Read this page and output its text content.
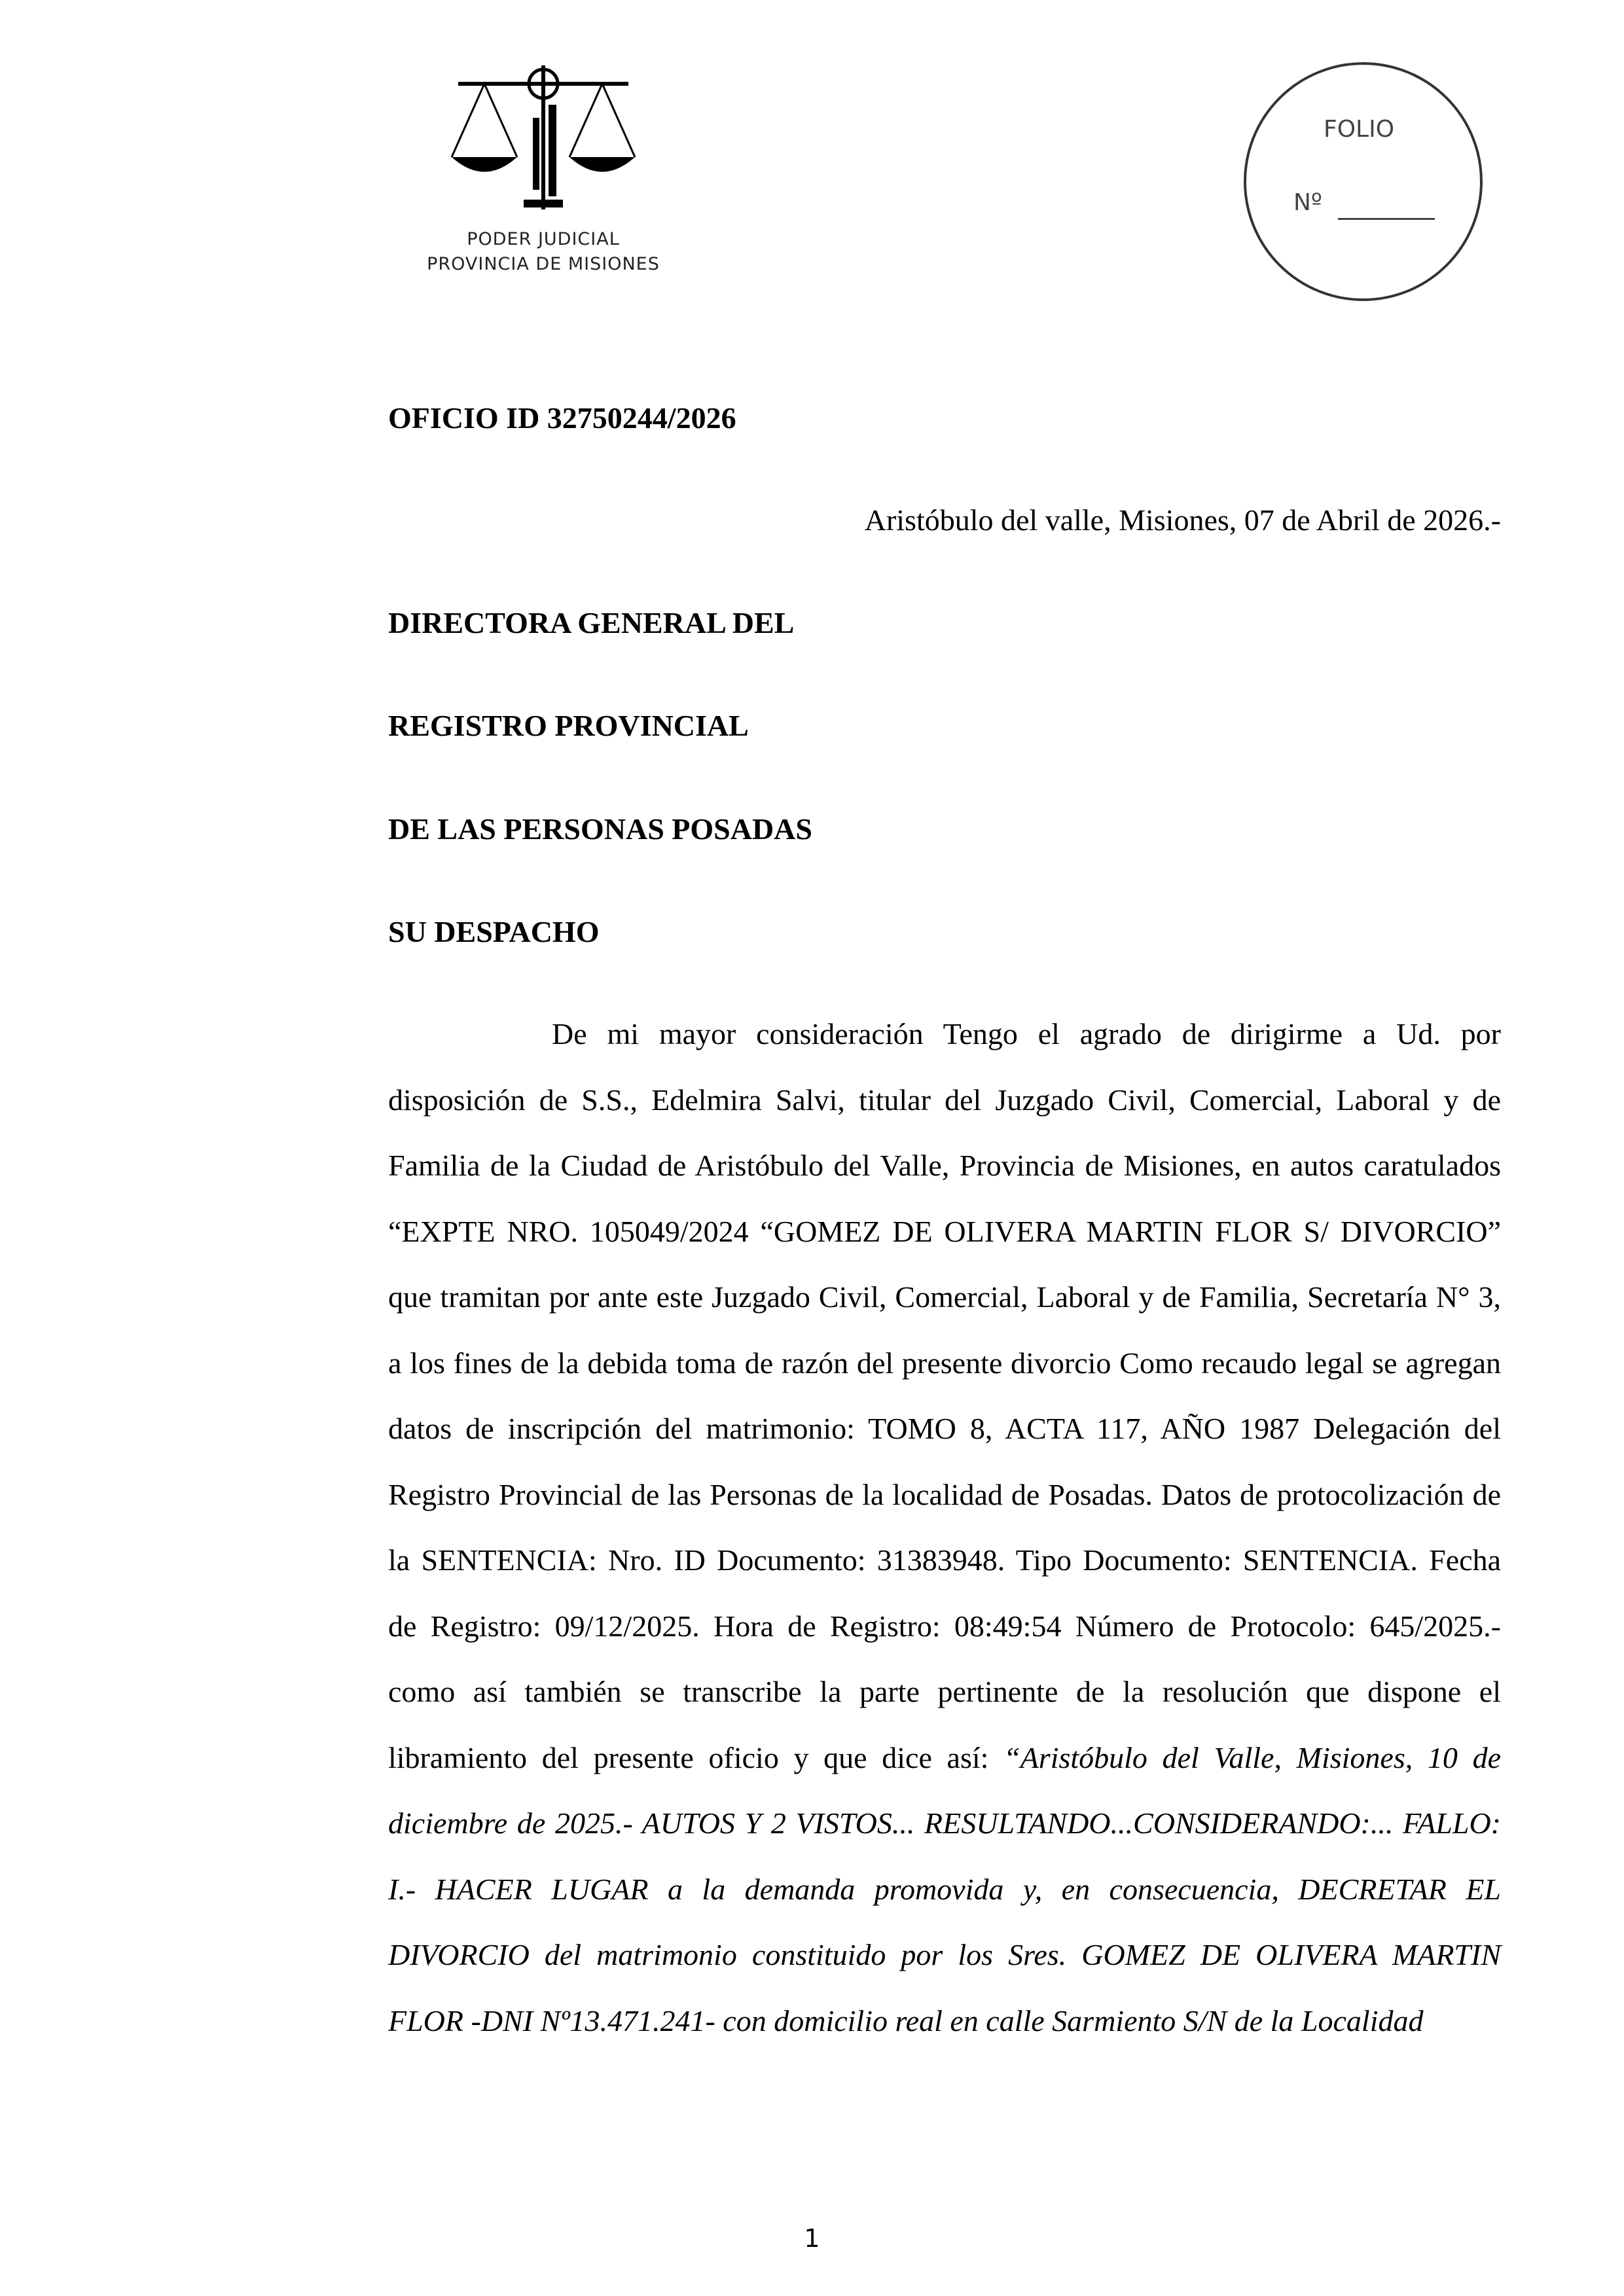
PODER JUDICIAL
PROVINCIA DE MISIONES
FOLIO
Nº
OFICIO ID 32750244/2026
Aristóbulo del valle, Misiones, 07 de Abril de 2026.-
DIRECTORA GENERAL DEL
REGISTRO PROVINCIAL
DE LAS PERSONAS POSADAS
SU DESPACHO

De mi mayor consideración Tengo el agrado de dirigirme a Ud. por disposición de S.S., Edelmira Salvi, titular del Juzgado Civil, Comercial, Laboral y de Familia de la Ciudad de Aristóbulo del Valle, Provincia de Misiones, en autos caratulados “EXPTE NRO. 105049/2024 “GOMEZ DE OLIVERA MARTIN FLOR S/ DIVORCIO” que tramitan por ante este Juzgado Civil, Comercial, Laboral y de Familia, Secretaría N° 3, a los fines de la debida toma de razón del presente divorcio Como recaudo legal se agregan datos de inscripción del matrimonio: TOMO 8, ACTA 117, AÑO 1987 Delegación del Registro Provincial de las Personas de la localidad de Posadas. Datos de protocolización de la SENTENCIA: Nro. ID Documento: 31383948. Tipo Documento: SENTENCIA. Fecha de Registro: 09/12/2025. Hora de Registro: 08:49:54 Número de Protocolo: 645/2025.- como así también se transcribe la parte pertinente de la resolución que dispone el libramiento del presente oficio y que dice así: “Aristóbulo del Valle, Misiones, 10 de diciembre de 2025.- AUTOS Y 2 VISTOS... RESULTANDO...CONSIDERANDO:... FALLO: I.- HACER LUGAR a la demanda promovida y, en consecuencia, DECRETAR EL DIVORCIO del matrimonio constituido por los Sres. GOMEZ DE OLIVERA MARTIN FLOR -DNI Nº13.471.241- con domicilio real en calle Sarmiento S/N de la Localidad

1
